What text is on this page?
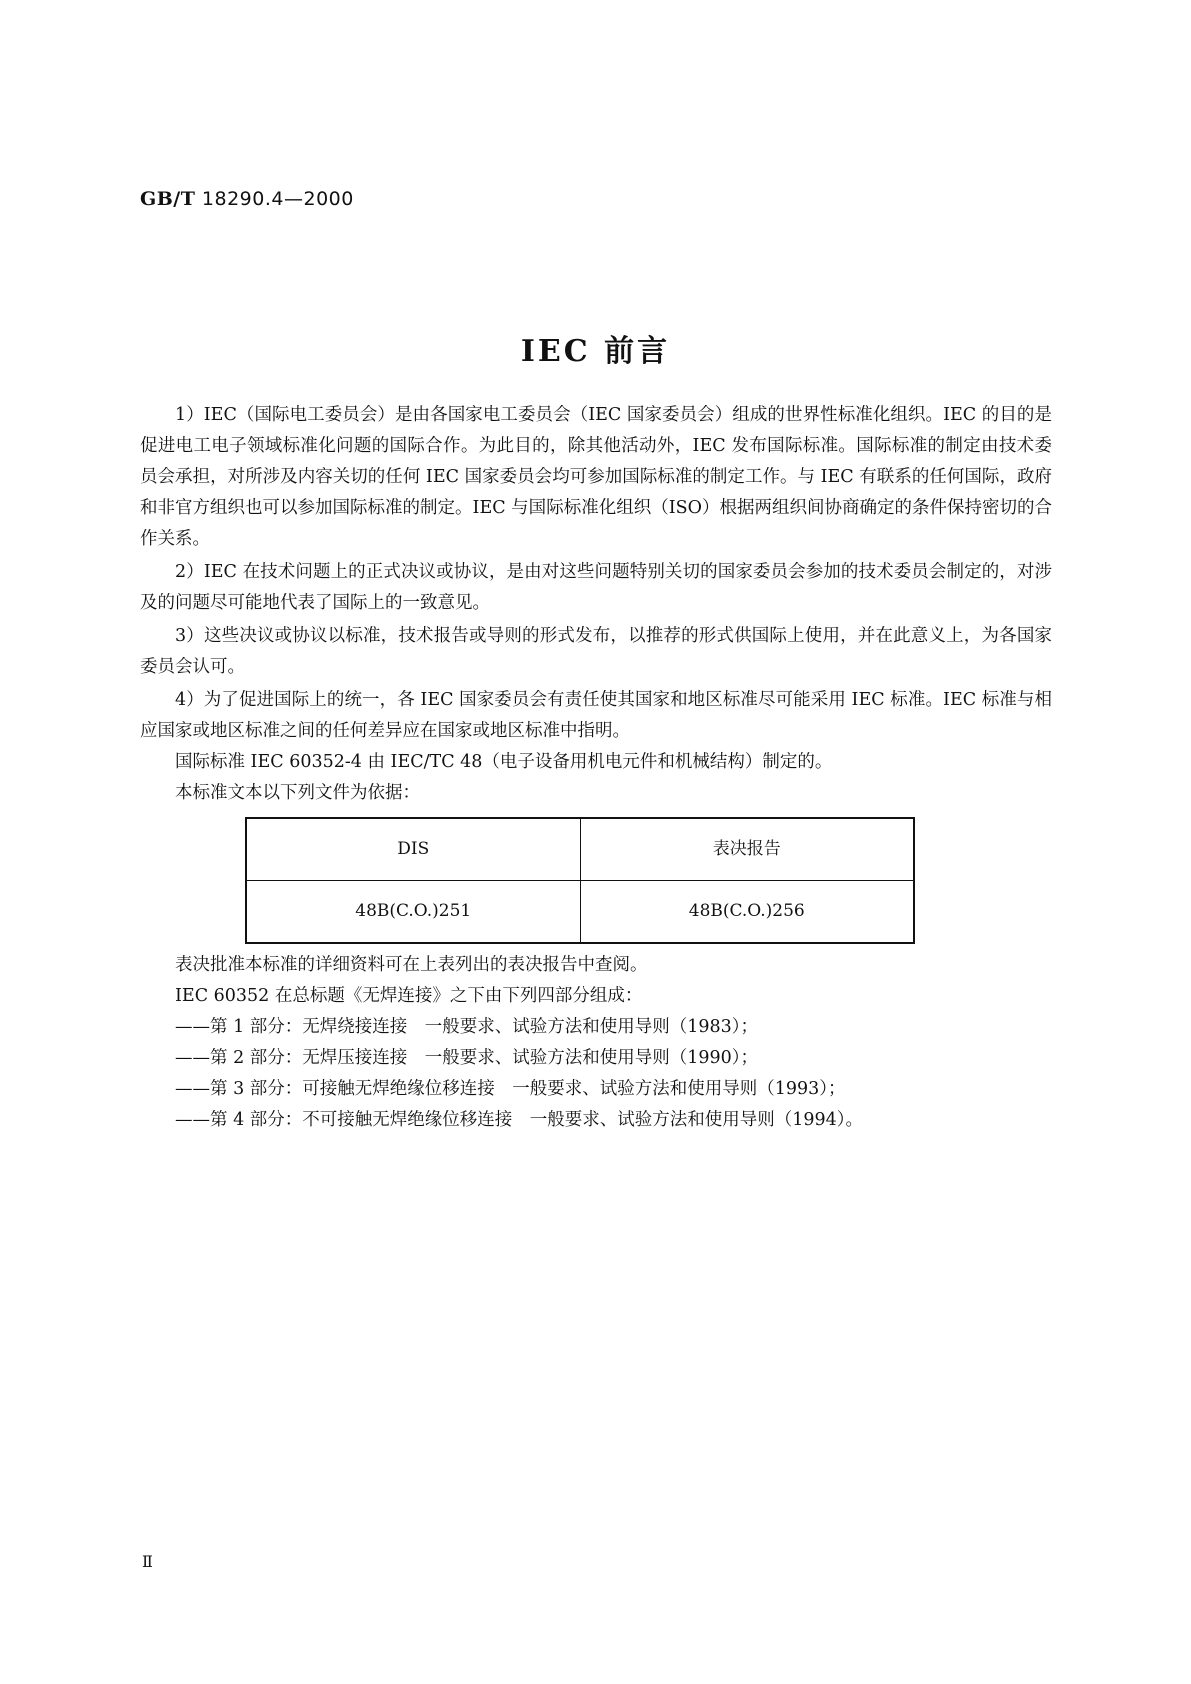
GB/T 18290.4—2000
IEC 前言

1）IEC（国际电工委员会）是由各国家电工委员会（IEC 国家委员会）组成的世界性标准化组织。IEC 的目的是促进电工电子领域标准化问题的国际合作。为此目的，除其他活动外，IEC 发布国际标准。国际标准的制定由技术委员会承担，对所涉及内容关切的任何 IEC 国家委员会均可参加国际标准的制定工作。与 IEC 有联系的任何国际，政府和非官方组织也可以参加国际标准的制定。IEC 与国际标准化组织（ISO）根据两组织间协商确定的条件保持密切的合作关系。

2）IEC 在技术问题上的正式决议或协议，是由对这些问题特别关切的国家委员会参加的技术委员会制定的，对涉及的问题尽可能地代表了国际上的一致意见。

3）这些决议或协议以标准，技术报告或导则的形式发布，以推荐的形式供国际上使用，并在此意义上，为各国家委员会认可。

4）为了促进国际上的统一，各 IEC 国家委员会有责任使其国家和地区标准尽可能采用 IEC 标准。IEC 标准与相应国家或地区标准之间的任何差异应在国家或地区标准中指明。

国际标准 IEC 60352-4 由 IEC/TC 48（电子设备用机电元件和机械结构）制定的。

本标准文本以下列文件为依据：

DIS	表决报告
48B(C.O.)251	48B(C.O.)256

表决批准本标准的详细资料可在上表列出的表决报告中查阅。

IEC 60352 在总标题《无焊连接》之下由下列四部分组成：

——第 1 部分：无焊绕接连接　一般要求、试验方法和使用导则（1983）；

——第 2 部分：无焊压接连接　一般要求、试验方法和使用导则（1990）；

——第 3 部分：可接触无焊绝缘位移连接　一般要求、试验方法和使用导则（1993）；

——第 4 部分：不可接触无焊绝缘位移连接　一般要求、试验方法和使用导则（1994）。

Ⅱ
